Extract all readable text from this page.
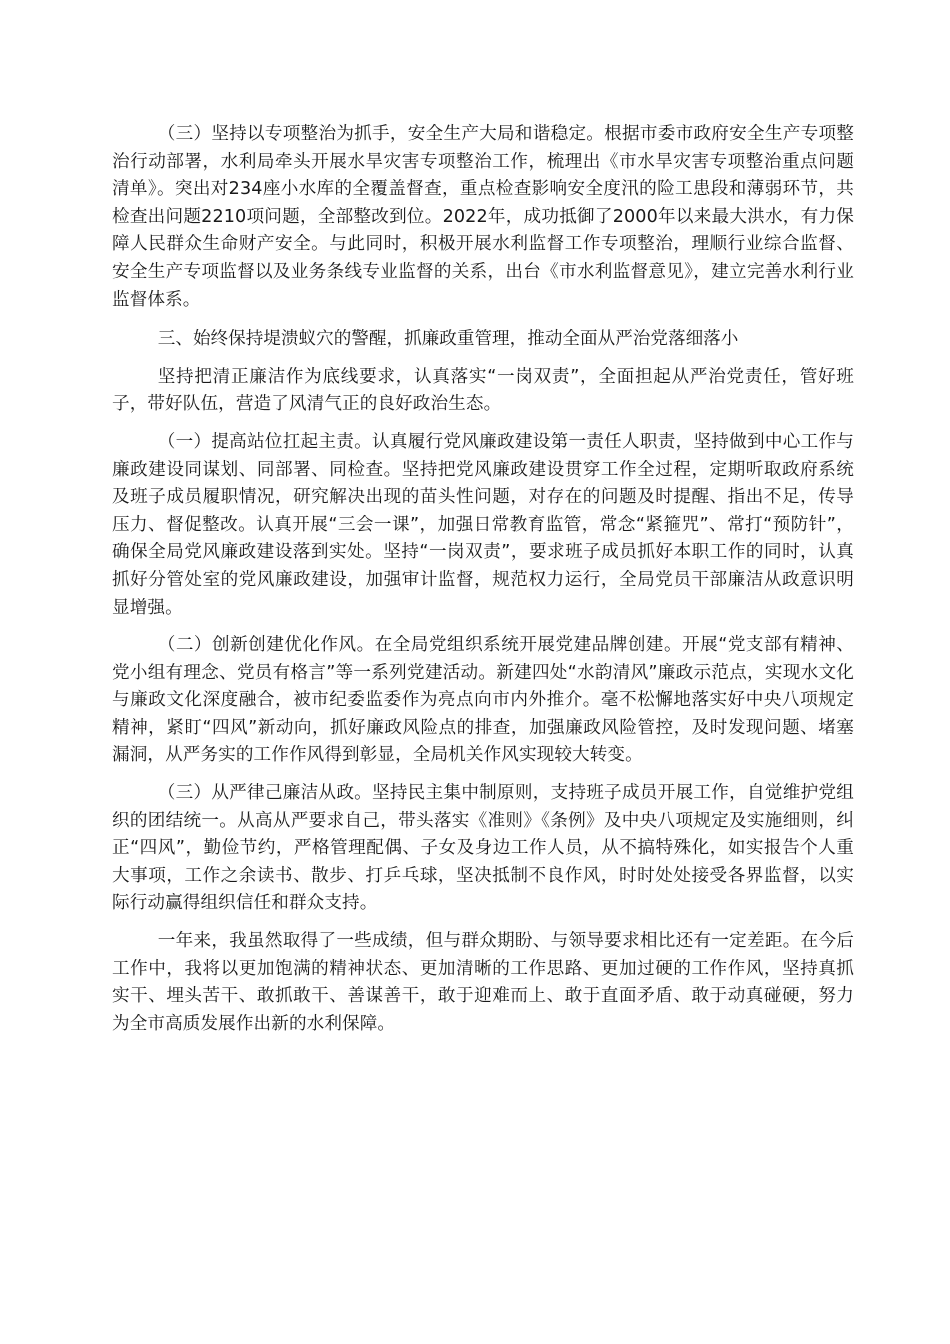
（三）坚持以专项整治为抓手，安全生产大局和谐稳定。根据市委市政府安全生产专项整治行动部署，水利局牵头开展水旱灾害专项整治工作，梳理出《市水旱灾害专项整治重点问题清单》。突出对234座小水库的全覆盖督查，重点检查影响安全度汛的险工患段和薄弱环节，共检查出问题2210项问题，全部整改到位。2022年，成功抵御了2000年以来最大洪水，有力保障人民群众生命财产安全。与此同时，积极开展水利监督工作专项整治，理顺行业综合监督、安全生产专项监督以及业务条线专业监督的关系，出台《市水利监督意见》，建立完善水利行业监督体系。

三、始终保持堤溃蚁穴的警醒，抓廉政重管理，推动全面从严治党落细落小

坚持把清正廉洁作为底线要求，认真落实“一岗双责”，全面担起从严治党责任，管好班子，带好队伍，营造了风清气正的良好政治生态。

（一）提高站位扛起主责。认真履行党风廉政建设第一责任人职责，坚持做到中心工作与廉政建设同谋划、同部署、同检查。坚持把党风廉政建设贯穿工作全过程，定期听取政府系统及班子成员履职情况，研究解决出现的苗头性问题，对存在的问题及时提醒、指出不足，传导压力、督促整改。认真开展“三会一课”，加强日常教育监管，常念“紧箍咒”、常打“预防针”，确保全局党风廉政建设落到实处。坚持“一岗双责”，要求班子成员抓好本职工作的同时，认真抓好分管处室的党风廉政建设，加强审计监督，规范权力运行，全局党员干部廉洁从政意识明显增强。

（二）创新创建优化作风。在全局党组织系统开展党建品牌创建。开展“党支部有精神、党小组有理念、党员有格言”等一系列党建活动。新建四处“水韵清风”廉政示范点，实现水文化与廉政文化深度融合，被市纪委监委作为亮点向市内外推介。毫不松懈地落实好中央八项规定精神，紧盯“四风”新动向，抓好廉政风险点的排查，加强廉政风险管控，及时发现问题、堵塞漏洞，从严务实的工作作风得到彰显，全局机关作风实现较大转变。

（三）从严律己廉洁从政。坚持民主集中制原则，支持班子成员开展工作，自觉维护党组织的团结统一。从高从严要求自己，带头落实《准则》《条例》及中央八项规定及实施细则，纠正“四风”，勤俭节约，严格管理配偶、子女及身边工作人员，从不搞特殊化，如实报告个人重大事项，工作之余读书、散步、打乒乓球，坚决抵制不良作风，时时处处接受各界监督，以实际行动赢得组织信任和群众支持。

一年来，我虽然取得了一些成绩，但与群众期盼、与领导要求相比还有一定差距。在今后工作中，我将以更加饱满的精神状态、更加清晰的工作思路、更加过硬的工作作风，坚持真抓实干、埋头苦干、敢抓敢干、善谋善干，敢于迎难而上、敢于直面矛盾、敢于动真碰硬，努力为全市高质发展作出新的水利保障。
